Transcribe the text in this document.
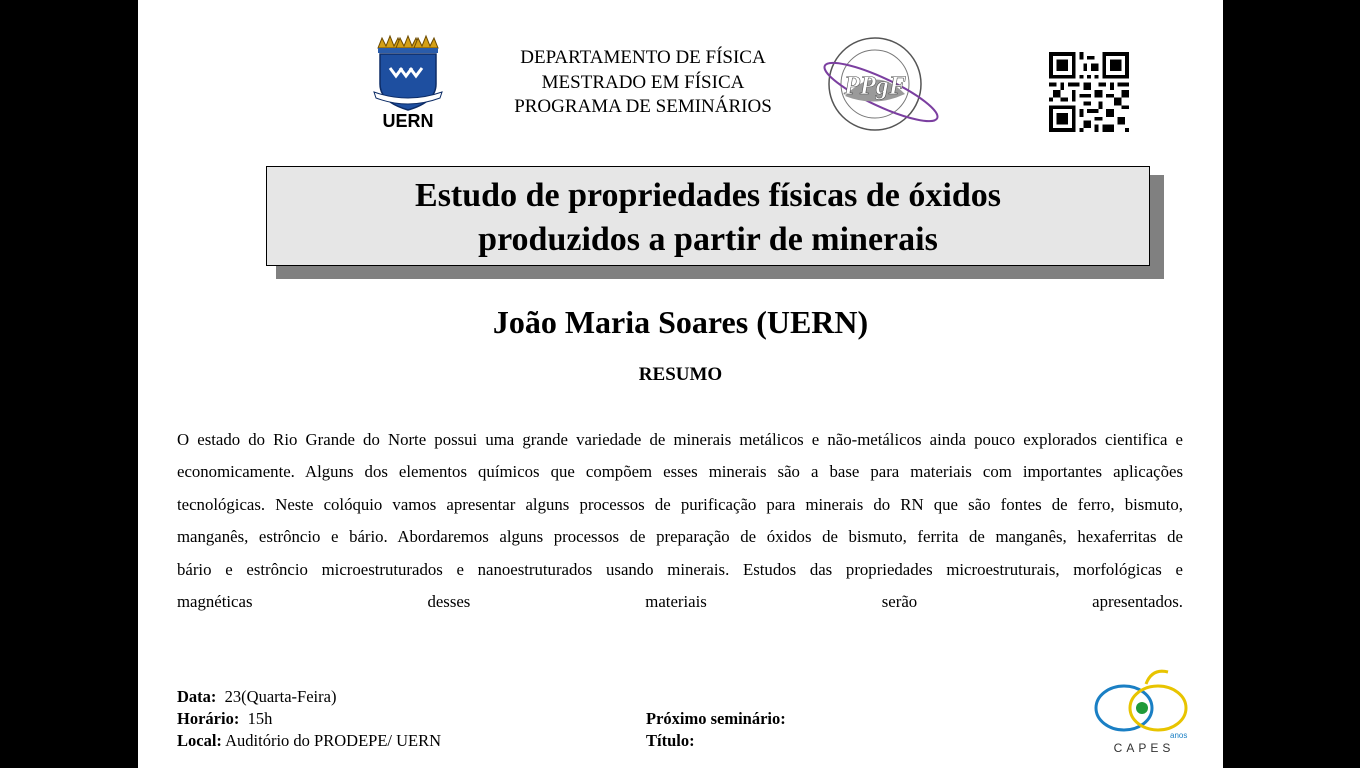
UERN
DEPARTAMENTO DE FÍSICA
MESTRADO EM FÍSICA
PROGRAMA DE SEMINÁRIOS
PPgF
Estudo de propriedades físicas de óxidos
produzidos a partir de minerais
João Maria Soares (UERN)
RESUMO
O estado do Rio Grande do Norte possui uma grande variedade de minerais metálicos e não-metálicos ainda pouco explorados cientifica e
economicamente. Alguns dos elementos químicos que compõem esses minerais são a base para materiais com importantes aplicações
tecnológicas. Neste colóquio vamos apresentar alguns processos de purificação para minerais do RN que são fontes de ferro, bismuto,
manganês, estrôncio e bário. Abordaremos alguns processos de preparação de óxidos de bismuto, ferrita de manganês, hexaferritas de
bário e estrôncio microestruturados e nanoestruturados usando minerais. Estudos das propriedades microestruturais, morfológicas e
magnéticas desses materiais serão apresentados.
Data: 23(Quarta-Feira)
Horário: 15h
Local: Auditório do PRODEPE/ UERN
Próximo seminário:
Título:	anos
CAPES
